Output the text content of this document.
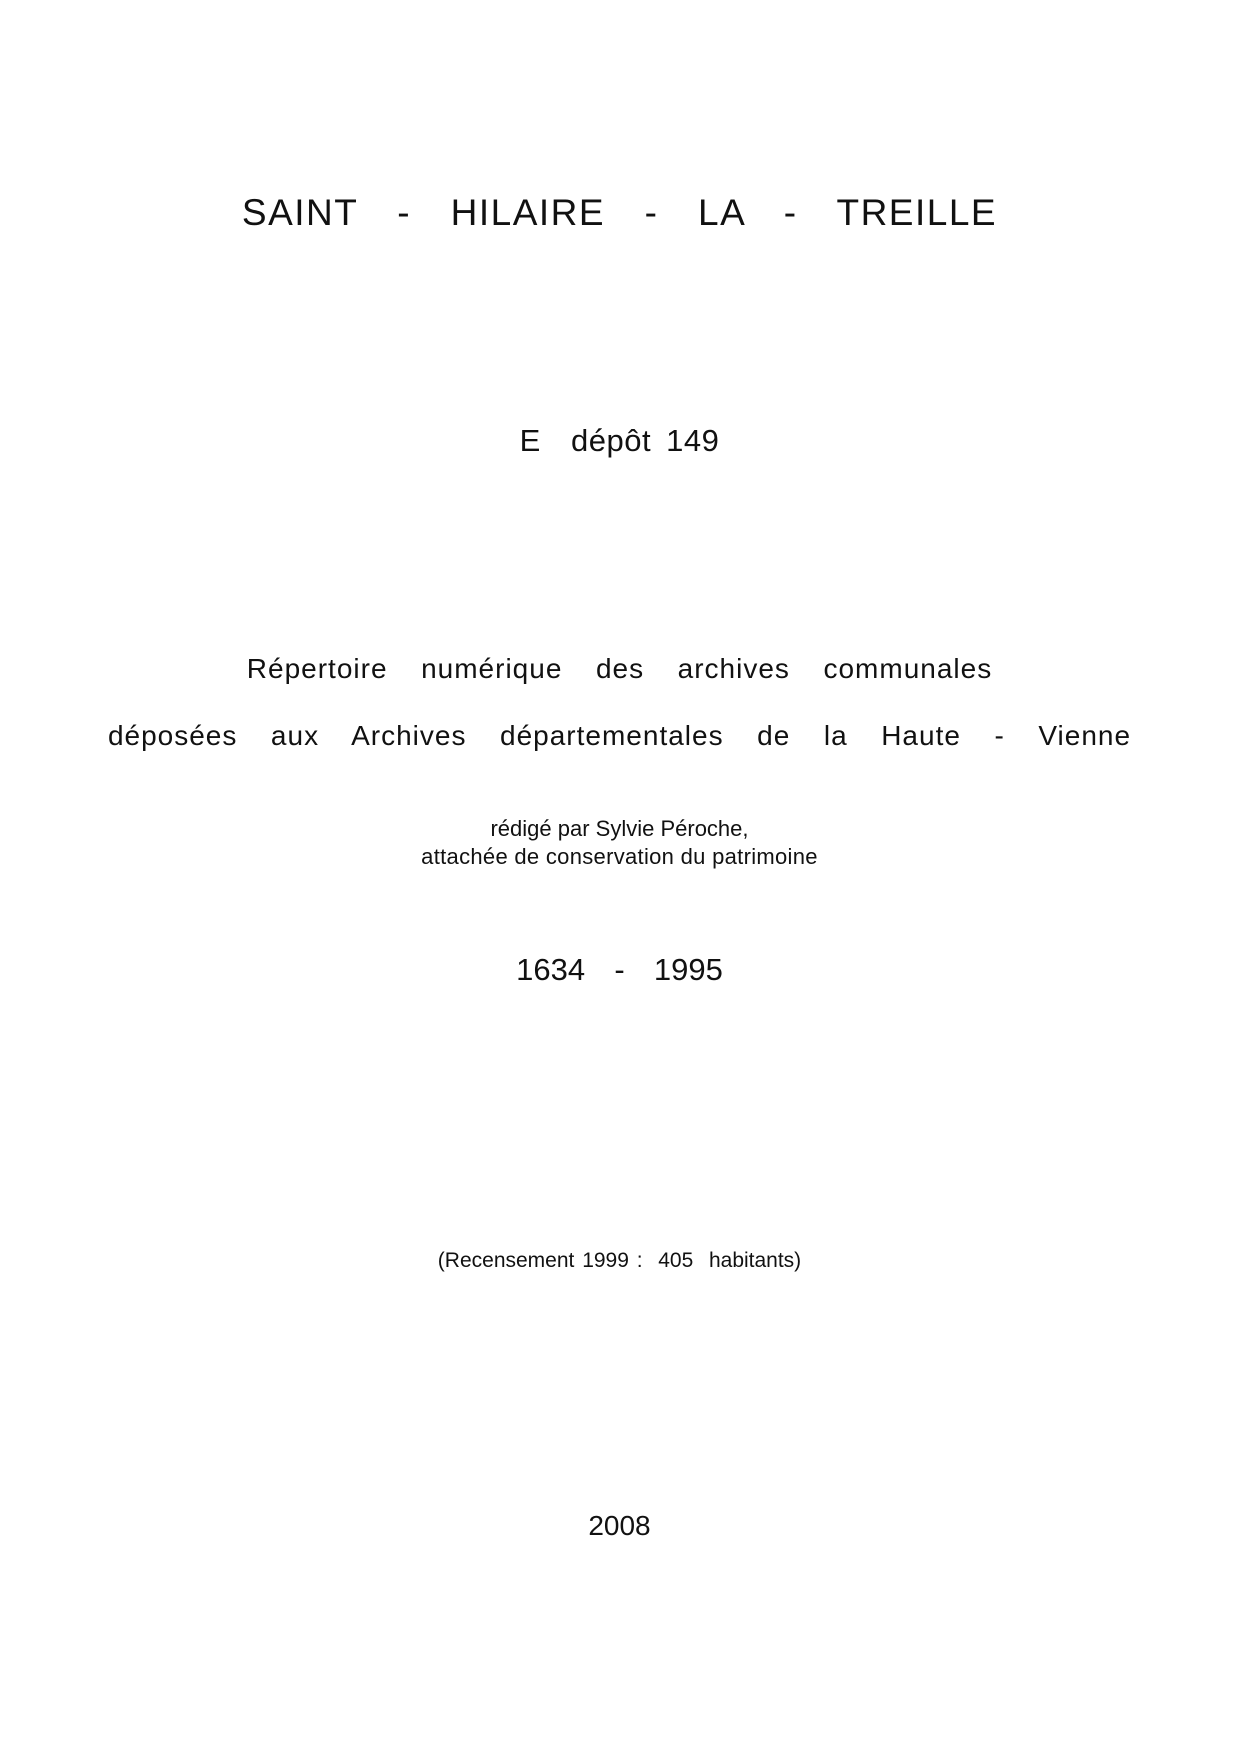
SAINT  -  HILAIRE  -  LA  -  TREILLE
E  dépôt 149
Répertoire  numérique  des  archives  communales
déposées  aux  Archives  départementales  de  la  Haute  -  Vienne
rédigé par Sylvie Péroche,
attachée de conservation du patrimoine
1634  -  1995
(Recensement 1999 :  405  habitants)
2008
